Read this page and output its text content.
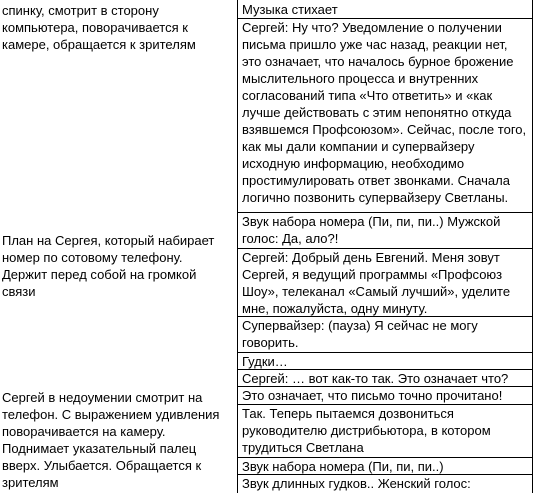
спинку, смотрит в сторону
компьютера, поворачивается к
камере, обращается к зрителям
План на Сергея, который набирает
номер по сотовому телефону.
Держит перед собой на громкой
связи
Сергей в недоумении смотрит на
телефон. С выражением удивления
поворачивается на камеру.
Поднимает указательный палец
вверх. Улыбается. Обращается к
зрителям
Музыка стихает
Сергей: Ну что? Уведомление о получении
письма пришло уже час назад, реакции нет,
это означает, что началось бурное брожение
мыслительного процесса и внутренних
согласований типа «Что ответить» и «как
лучше действовать с этим непонятно откуда
взявшемся Профсоюзом». Сейчас, после того,
как мы дали компании и супервайзеру
исходную информацию, необходимо
простимулировать ответ звонками. Сначала
логично позвонить супервайзеру Светланы.
Звук набора номера (Пи, пи, пи..) Мужской
голос: Да, ало?!
Сергей: Добрый день Евгений. Меня зовут
Сергей, я ведущий программы «Профсоюз
Шоу», телеканал «Самый лучший», уделите
мне, пожалуйста, одну минуту.
Супервайзер: (пауза) Я сейчас не могу
говорить.
Гудки…
Сергей: … вот как-то так. Это означает что?
Это означает, что письмо точно прочитано!
Так. Теперь пытаемся дозвониться
руководителю дистрибьютора, в котором
трудиться Светлана
Звук набора номера (Пи, пи, пи..)
Звук длинных гудков.. Женский голос:
